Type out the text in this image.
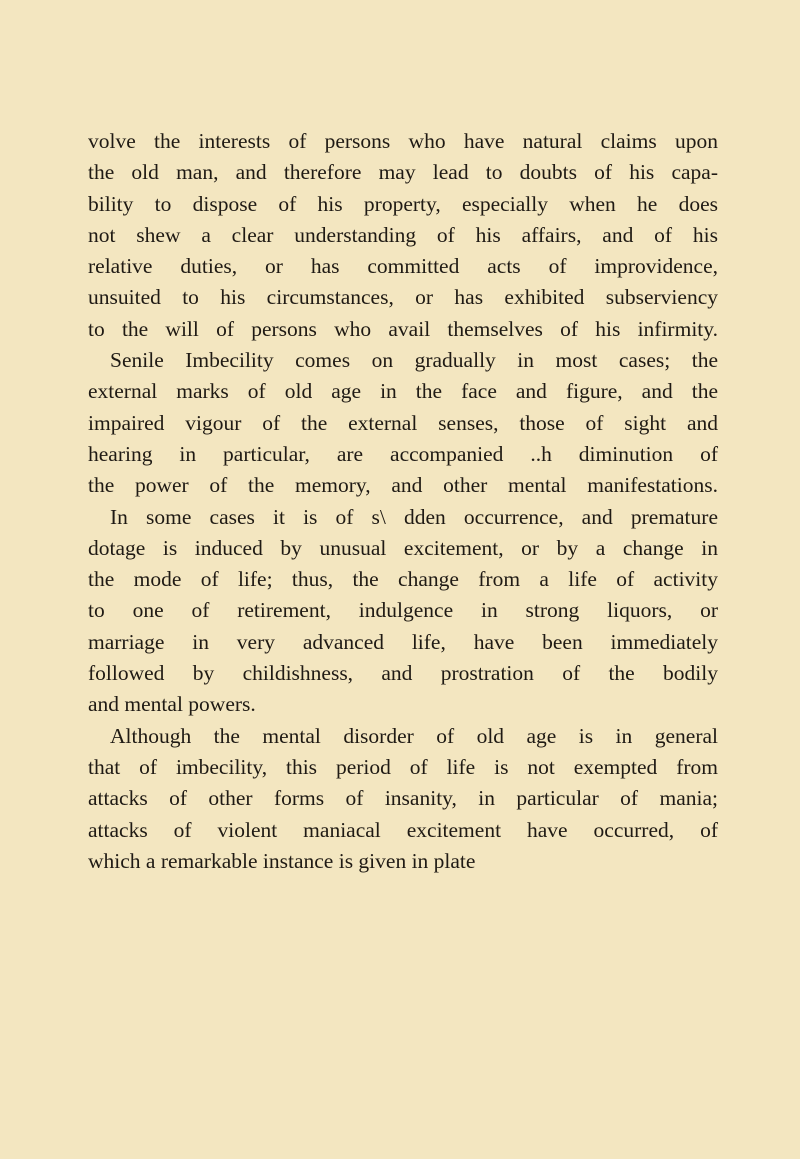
volve the interests of persons who have natural claims upon
the old man, and therefore may lead to doubts of his capa-
bility to dispose of his property, especially when he does
not shew a clear understanding of his affairs, and of his
relative duties, or has committed acts of improvidence,
unsuited to his circumstances, or has exhibited subserviency
to the will of persons who avail themselves of his infirmity.
Senile Imbecility comes on gradually in most cases; the
external marks of old age in the face and figure, and the
impaired vigour of the external senses, those of sight and
hearing in particular, are accompanied ..h diminution of
the power of the memory, and other mental manifestations.
In some cases it is of s\ dden occurrence, and premature
dotage is induced by unusual excitement, or by a change in
the mode of life; thus, the change from a life of activity
to one of retirement, indulgence in strong liquors, or
marriage in very advanced life, have been immediately
followed by childishness, and prostration of the bodily
and mental powers.
Although the mental disorder of old age is in general
that of imbecility, this period of life is not exempted from
attacks of other forms of insanity, in particular of mania;
attacks of violent maniacal excitement have occurred, of
which a remarkable instance is given in plate
